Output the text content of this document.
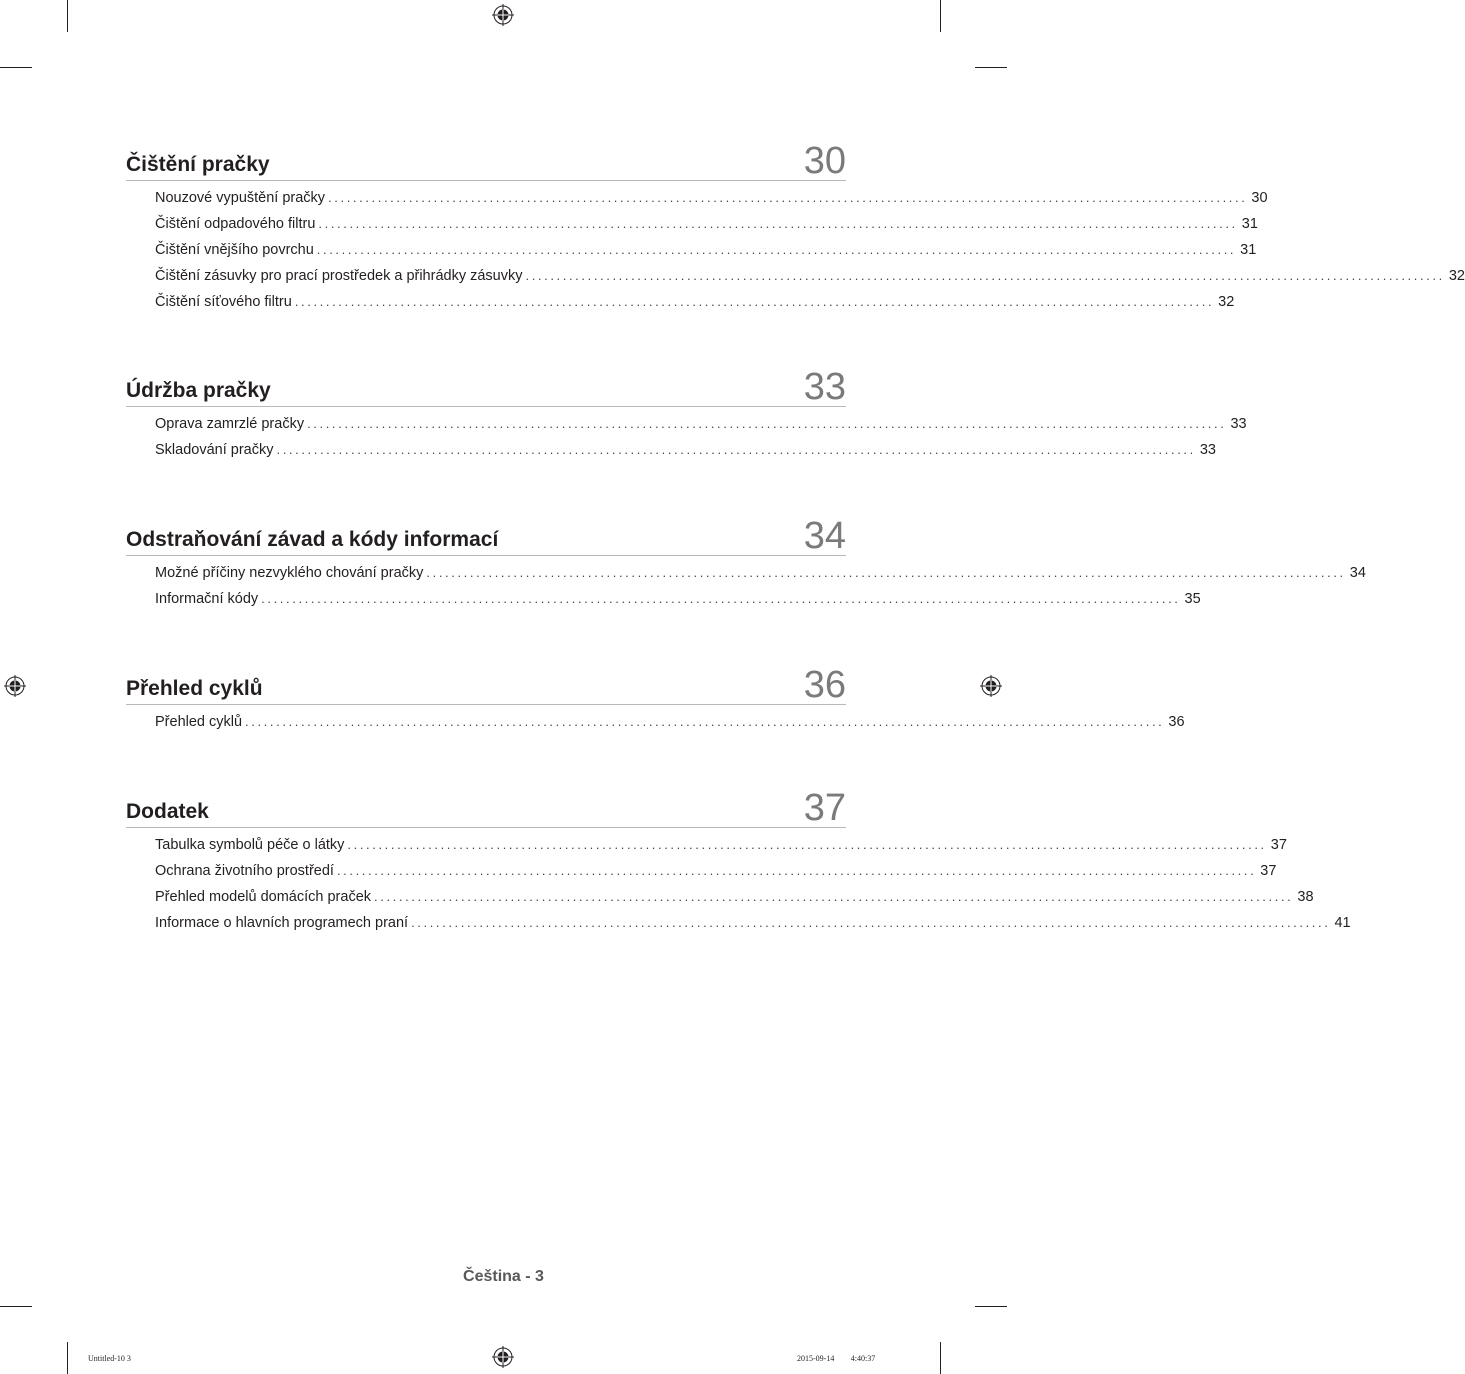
Čištění pračky	30
Nouzové vypuštění pračky .................................................................................................................................................... 30
Čištění odpadového filtru .................................................................................................................................................... 31
Čištění vnějšího povrchu .................................................................................................................................................... 31
Čištění zásuvky pro prací prostředek a přihrádky zásuvky .................................................................................................................................................... 32
Čištění síťového filtru .................................................................................................................................................... 32
Údržba pračky	33
Oprava zamrzlé pračky .................................................................................................................................................... 33
Skladování pračky .................................................................................................................................................... 33
Odstraňování závad a kódy informací	34
Možné příčiny nezvyklého chování pračky .................................................................................................................................................... 34
Informační kódy .................................................................................................................................................... 35
Přehled cyklů	36
Přehled cyklů .................................................................................................................................................... 36
Dodatek	37
Tabulka symbolů péče o látky .................................................................................................................................................... 37
Ochrana životního prostředí .................................................................................................................................................... 37
Přehled modelů domácích praček .................................................................................................................................................... 38
Informace o hlavních programech praní .................................................................................................................................................... 41
Čeština - 3
Untitled-10 3	2015-09-14 ￿￿ 4:40:37
